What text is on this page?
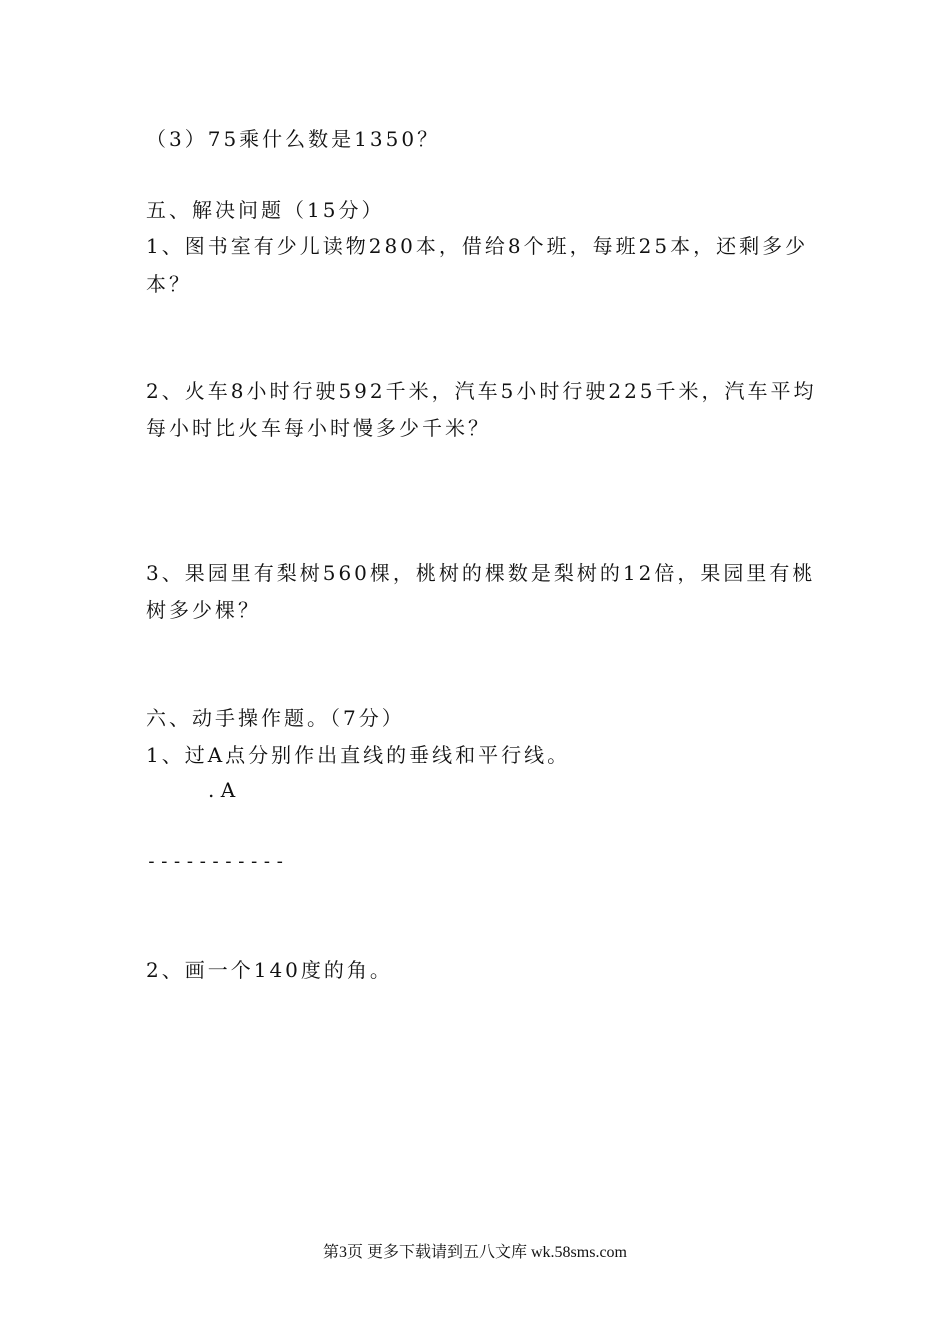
（3）75乘什么数是1350？
五、解决问题（15分）
1、图书室有少儿读物280本，借给8个班，每班25本，还剩多少
本？
2、火车8小时行驶592千米，汽车5小时行驶225千米，汽车平均
每小时比火车每小时慢多少千米？
3、果园里有梨树560棵，桃树的棵数是梨树的12倍，果园里有桃
树多少棵？
六、动手操作题。（7分）
1、过A点分别作出直线的垂线和平行线。
. A
-----------
2、画一个140度的角。
第3页 更多下载请到五八文库 wk.58sms.com
